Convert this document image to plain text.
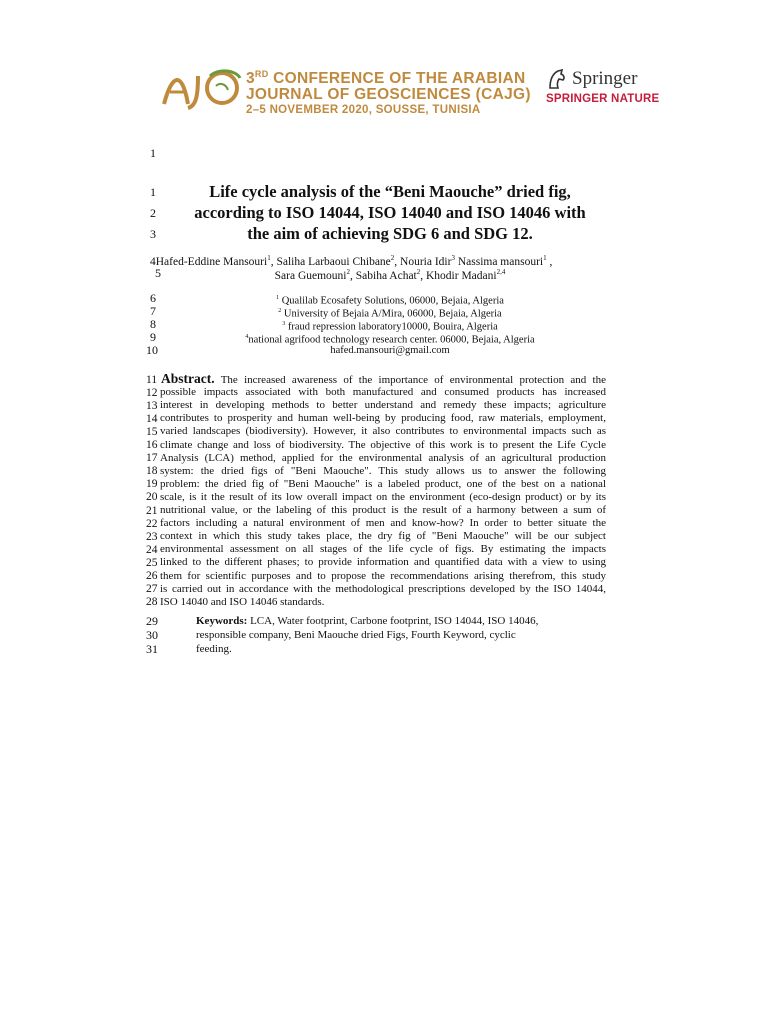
3RD CONFERENCE OF THE ARABIAN
JOURNAL OF GEOSCIENCES (CAJG)
2–5 NOVEMBER 2020, SOUSSE, TUNISIA
Springer
SPRINGER NATURE
1
1
2
3
Life cycle analysis of the “Beni Maouche” dried fig,
according to ISO 14044, ISO 14040 and ISO 14046 with
the aim of achieving SDG 6 and SDG 12.
4Hafed-Eddine Mansouri$^1$, Saliha Larbaoui Chibane$^2$, Nouria Idir$^3$ Nassima mansouri$^1$ ,
5	Sara Guemouni$^2$, Sabiha Achat$^2$, Khodir Madani$^{2,4}$
6
7
8
9
10
$^1$ Qualilab Ecosafety Solutions, 06000, Bejaia, Algeria
$^2$ University of Bejaia A/Mira, 06000, Bejaia, Algeria
$^3$ fraud repression laboratory10000, Bouira, Algeria
$^4$national agrifood technology research center. 06000, Bejaia, Algeria
hafed.mansouri@gmail.com
11 Abstract. The increased awareness of the importance of environmental protection and the
12 possible impacts associated with both manufactured and consumed products has increased
13 interest in developing methods to better understand and remedy these impacts; agriculture
14 contributes to prosperity and human well-being by producing food, raw materials, employment,
15 varied landscapes (biodiversity). However, it also contributes to environmental impacts such as
16 climate change and loss of biodiversity. The objective of this work is to present the Life Cycle
17 Analysis (LCA) method, applied for the environmental analysis of an agricultural production
18 system: the dried figs of "Beni Maouche". This study allows us to answer the following
19 problem: the dried fig of "Beni Maouche" is a labeled product, one of the best on a national
20 scale, is it the result of its low overall impact on the environment (eco-design product) or by its
21 nutritional value, or the labeling of this product is the result of a harmony between a sum of
22 factors including a natural environment of men and know-how? In order to better situate the
23 context in which this study takes place, the dry fig of "Beni Maouche" will be our subject
24 environmental assessment on all stages of the life cycle of figs. By estimating the impacts
25 linked to the different phases; to provide information and quantified data with a view to using
26 them for scientific purposes and to propose the recommendations arising therefrom, this study
27 is carried out in accordance with the methodological prescriptions developed by the ISO 14044,
28 ISO 14040 and ISO 14046 standards.
29
30
31
Keywords: LCA, Water footprint, Carbone footprint, ISO 14044, ISO 14046,
responsible company, Beni Maouche dried Figs, Fourth Keyword, cyclic
feeding.
